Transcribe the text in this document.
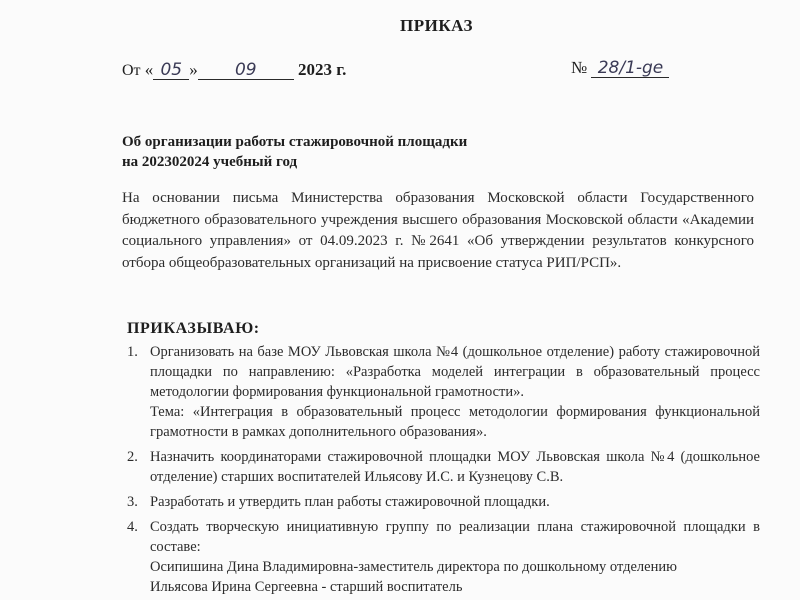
ПРИКАЗ
От « 05 » 09 2023 г.	№ 28/1-ge
Об организации работы стажировочной площадки
на 202302024 учебный год

На основании письма Министерства образования Московской области Государственного бюджетного образовательного учреждения высшего образования Московской области «Академии социального управления» от 04.09.2023 г. №2641 «Об утверждении результатов конкурсного отбора общеобразовательных организаций на присвоение статуса РИП/РСП».

ПРИКАЗЫВАЮ:
1. Организовать на базе МОУ Львовская школа №4 (дошкольное отделение) работу стажировочной площадки по направлению: «Разработка моделей интеграции в образовательный процесс методологии формирования функциональной грамотности».
Тема: «Интеграция в образовательный процесс методологии формирования функциональной грамотности в рамках дополнительного образования».
2. Назначить координаторами стажировочной площадки МОУ Львовская школа №4 (дошкольное отделение) старших воспитателей Ильясову И.С. и Кузнецову С.В.
3. Разработать и утвердить план работы стажировочной площадки.
4. Создать творческую инициативную группу по реализации плана стажировочной площадки в составе:
Осипишина Дина Владимировна-заместитель директора по дошкольному отделению
Ильясова Ирина Сергеевна - старший воспитатель
